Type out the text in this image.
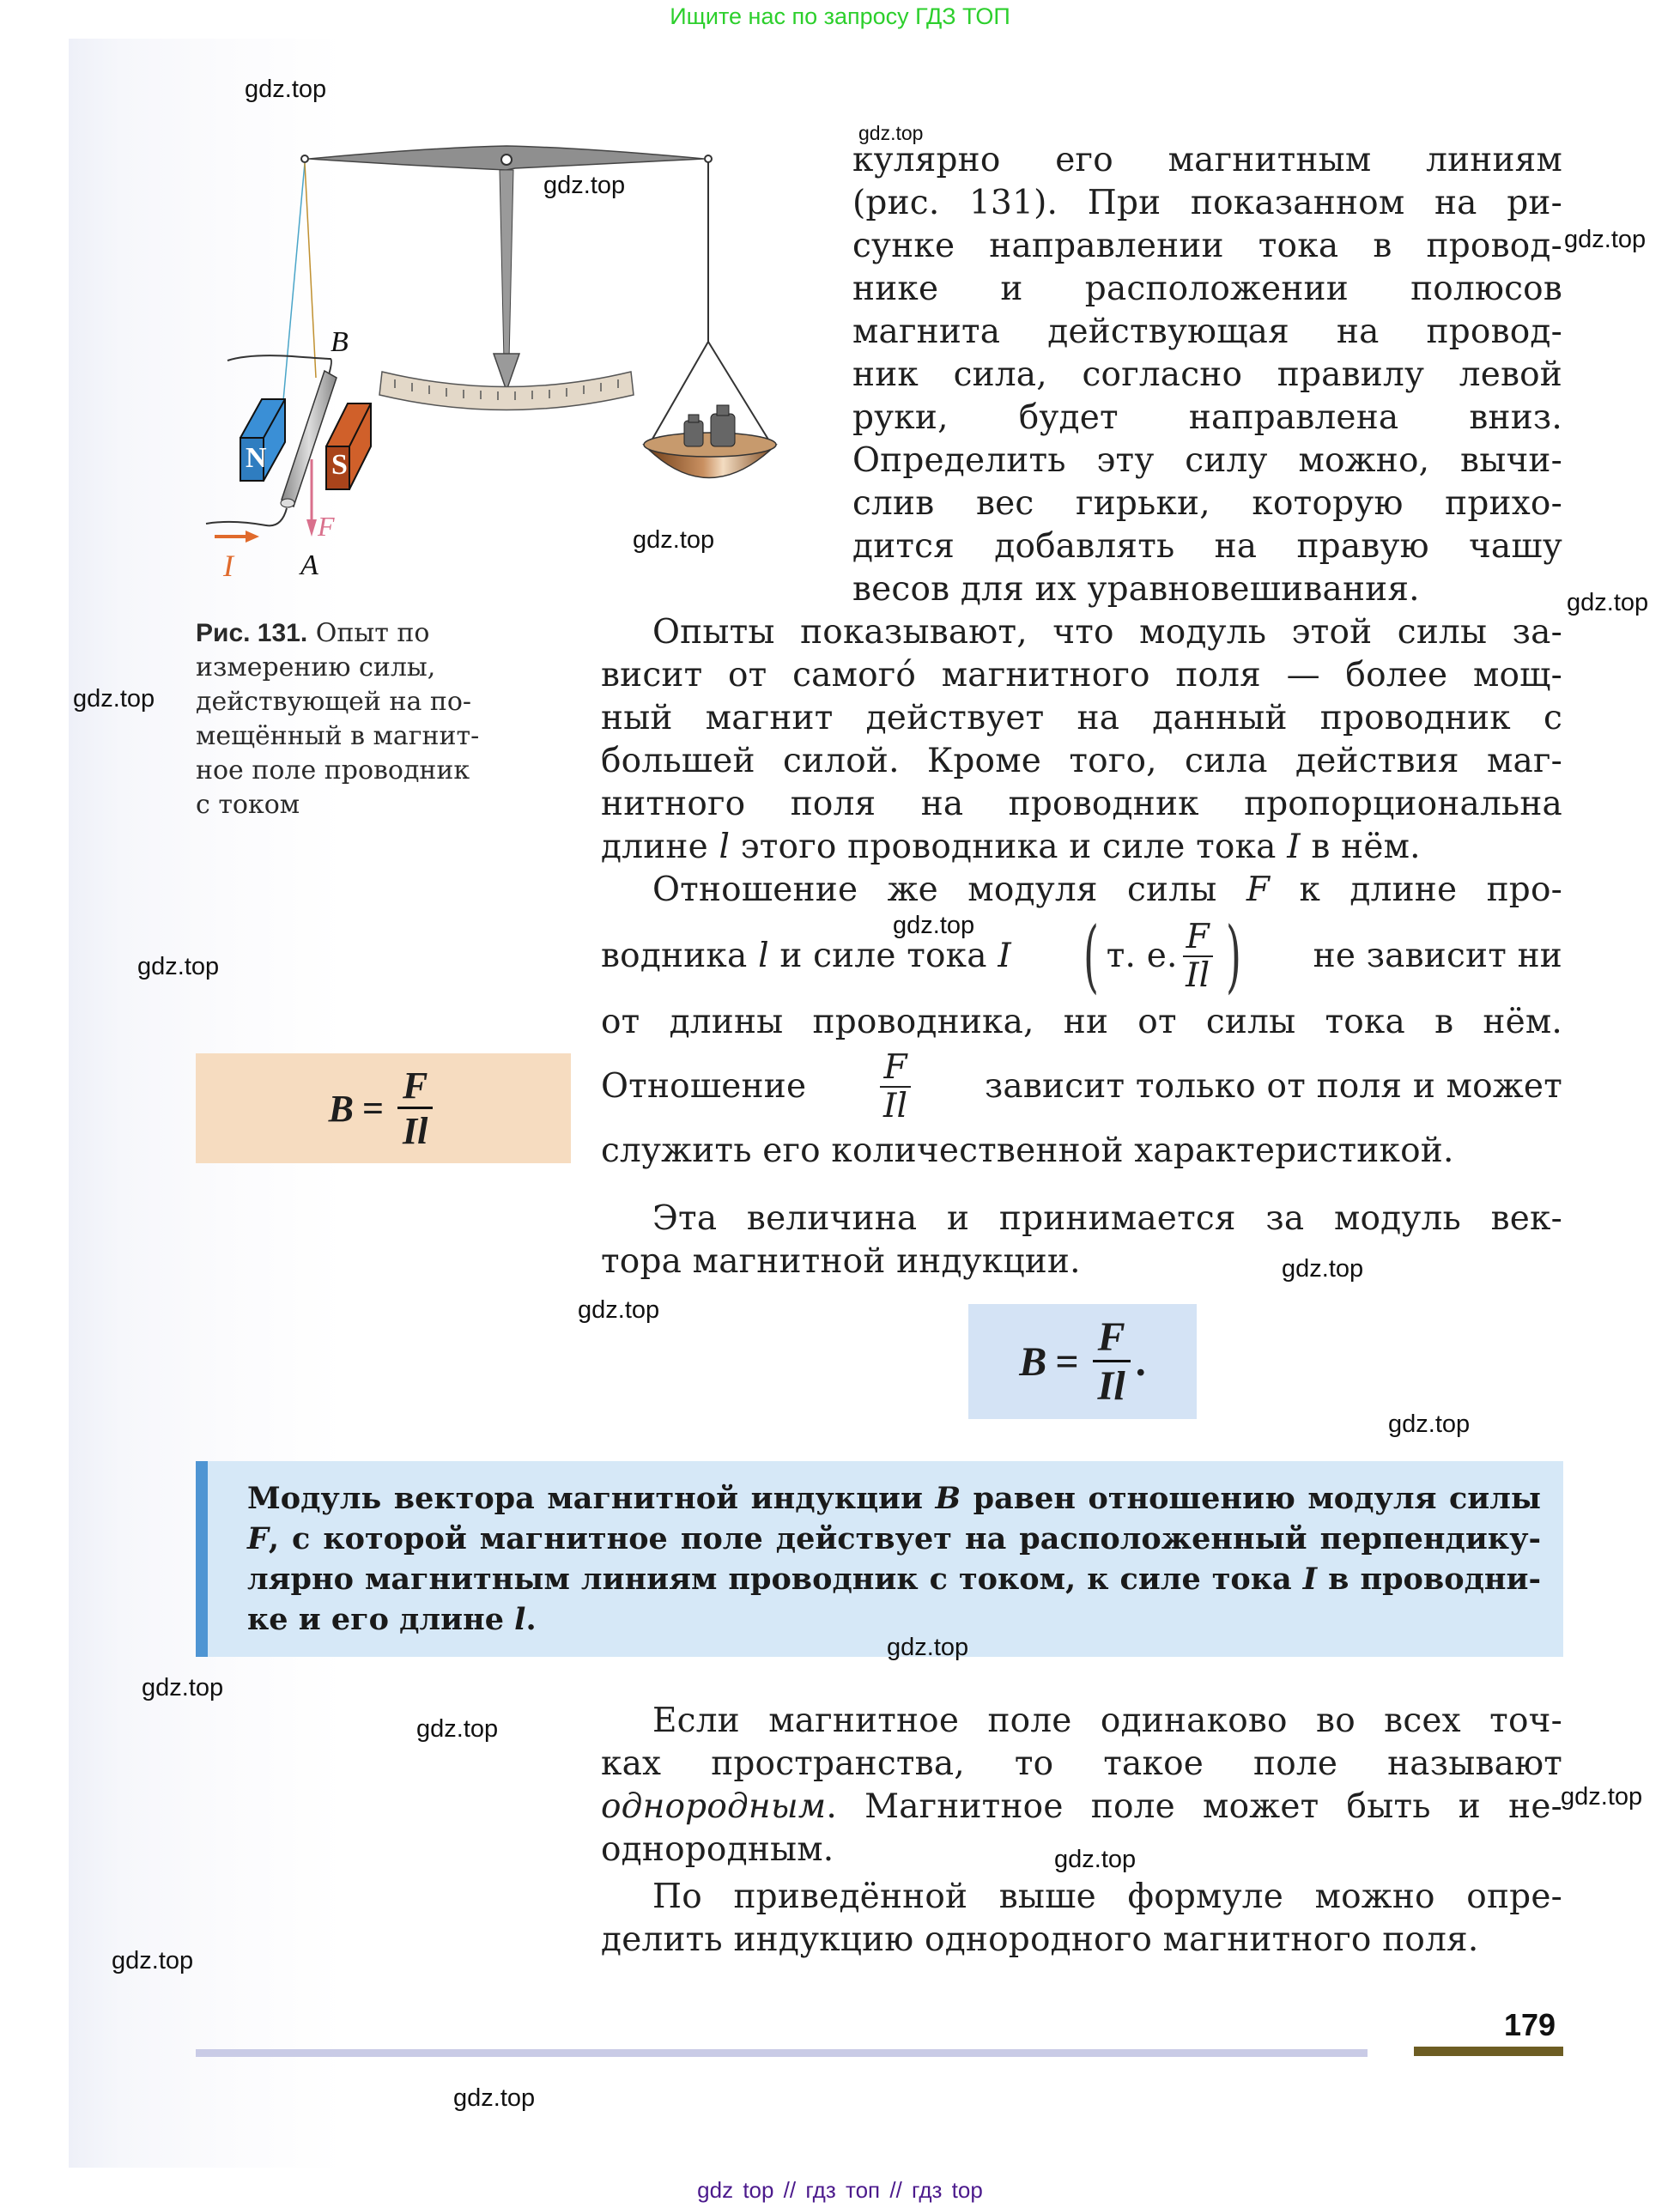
Ищите нас по запросу ГДЗ ТОП
B
A
N S
I
F
Рис. 131. Опыт по
измерению силы,
действующей на по-
мещённый в магнит-
ное поле проводник
с током

кулярно его магнитным линиям

(рис. 131). При показанном на ри-

сунке направлении тока в провод-

нике и расположении полюсов

магнита действующая на провод-

ник сила, согласно правилу левой

руки, будет направлена вниз.

Определить эту силу можно, вычи-

слив вес гирьки, которую прихо-

дится добавлять на правую чашу

весов для их уравновешивания.

Опыты показывают, что модуль этой силы за-

висит от самого́ магнитного поля — более мощ-

ный магнит действует на данный проводник с

большей силой. Кроме того, сила действия маг-

нитного поля на проводник пропорциональна

длине l этого проводника и силе тока I в нём.

Отношение же модуля силы F к длине про-

водника l и силе тока I ( т. е. $\frac{F}{Il}$ ) не зависит ни

от длины проводника, ни от силы тока в нём.

Отношение $\frac{F}{Il}$ зависит только от поля и может

служить его количественной характеристикой.

Эта величина и принимается за модуль век-

тора магнитной индукции.

$B = \frac{F}{Il}$
$B = \frac{F}{Il}$ .

Модуль вектора магнитной индукции B равен отношению модуля силы

F, с которой магнитное поле действует на расположенный перпендику-

лярно магнитным линиям проводник с током, к силе тока I в проводни-

ке и его длине l.

Если магнитное поле одинаково во всех точ-

ках пространства, то такое поле называют

однородным. Магнитное поле может быть и не-

однородным.

По приведённой выше формуле можно опре-

делить индукцию однородного магнитного поля.

179
gdz.top
gdz.top
gdz.top
gdz.top
gdz.top
gdz.top
gdz.top
gdz.top
gdz.top
gdz.top
gdz.top
gdz.top
gdz.top
gdz.top
gdz.top
gdz.top
gdz.top
gdz.top
gdz.top
gdz top // гдз топ // гдз top
